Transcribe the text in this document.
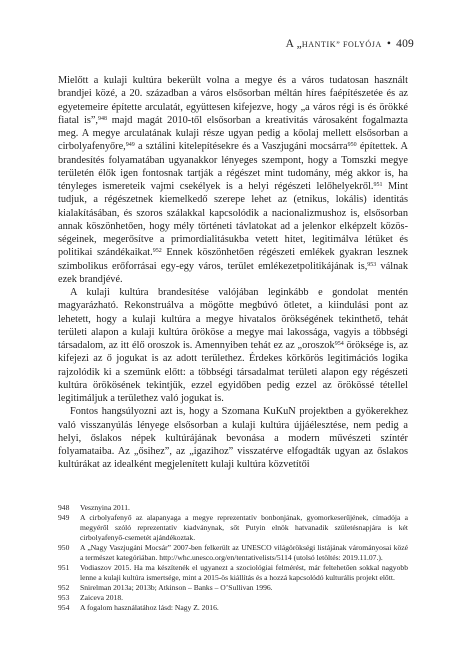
A „HANTIK” FOLYÓJA • 409

Mielőtt a kulaji kultúra bekerült volna a megye és a város tudatosan használt brandjei közé, a 20. században a város elsősorban méltán híres faépítészetée és az egyetemeire építette arculatát, együttesen kifejezve, hogy „a város régi is és örökké fiatal is”,$^{948}$ majd magát 2010-től elsősorban a kreativitás városaként fogalmazta meg. A megye arculatának kulaji része ugyan pedig a kőolaj mellett elsősorban a cirbolyafenyőre,$^{949}$ a sztálini kitelepítésekre és a Vaszjugáni mocsárra$^{950}$ építettek. A brandesítés folyamatában ugyanakkor lényeges szempont, hogy a Tomszki megye területén élők igen fontosnak tartják a régészet mint tudomány, még akkor is, ha tényleges ismereteik vajmi csekélyek is a helyi régészeti lelőhelyekről.$^{951}$ Mint tudjuk, a régészetnek kiemelkedő szerepe lehet az (etnikus, lokális) identitás kialakításában, és szoros szálakkal kapcsolódik a nacionalizmushoz is, elsősorban annak köszönhetően, hogy mély történeti távlatokat ad a jelenkor elképzelt közösségeinek, megerősítve a primordialitásukba vetett hitet, legitimálva létüket és politikai szándékaikat.$^{952}$ Ennek köszönhetően régészeti emlékek gyakran lesznek szimbolikus erőforrásai egy-egy város, terület emlékezetpolitikájának is,$^{953}$ válnak ezek brandjévé.

A kulaji kultúra brandesítése valójában leginkább e gondolat mentén magyarázható. Rekonstruálva a mögötte megbúvó ötletet, a kiindulási pont az lehetett, hogy a kulaji kultúra a megye hivatalos örökségének tekinthető, tehát területi alapon a kulaji kultúra örököse a megye mai lakossága, vagyis a többségi társadalom, az itt élő oroszok is. Amennyiben tehát ez az „oroszok$^{954}$ öröksége is, az kifejezi az ő jogukat is az adott területhez. Érdekes körkörös legitimációs logika rajzolódik ki a szemünk előtt: a többségi társadalmat területi alapon egy régészeti kultúra örökösének tekintjük, ezzel egyidőben pedig ezzel az örökössé tétellel legitimáljuk a területhez való jogukat is.

Fontos hangsúlyozni azt is, hogy a Szomana KuKuN projektben a gyökerekhez való visszanyúlás lényege elsősorban a kulaji kultúra újjáélesztése, nem pedig a helyi, őslakos népek kultúrájának bevonása a modern művészeti színtér folyamataiba. Az „ősihez”, az „igazihoz” visszatérve elfogadták ugyan az őslakos kultúrákat az idealként megjelenített kulaji kultúra közvetítői

948 Vesznyina 2011.
949 A cirbolyafenyő az alapanyaga a megye reprezentatív bonbonjának, gyomorkeserűjének, címadója a megyéről szóló reprezentatív kiadványnak, sőt Putyin elnök hatvanadik születésnapjára is két cirbolyafenyő-csemetét ajándékoztak.
950 A „Nagy Vaszjugáni Mocsár” 2007-ben felkerült az UNESCO világörökségi listájának várományosai közé a természet kategóriában. http://whc.unesco.org/en/tentativelists/5114 (utolsó letöltés: 2019.11.07.).
951 Vodiaszov 2015. Ha ma készítenék el ugyanezt a szociológiai felmérést, már feltehetően sokkal nagyobb lenne a kulaji kultúra ismertsége, mint a 2015-ös kiállítás és a hozzá kapcsolódó kulturális projekt előtt.
952 Snirelman 2013a; 2013b; Atkinson – Banks – O’Sullivan 1996.
953 Zaiceva 2018.
954 A fogalom használatához lásd: Nagy Z. 2016.
